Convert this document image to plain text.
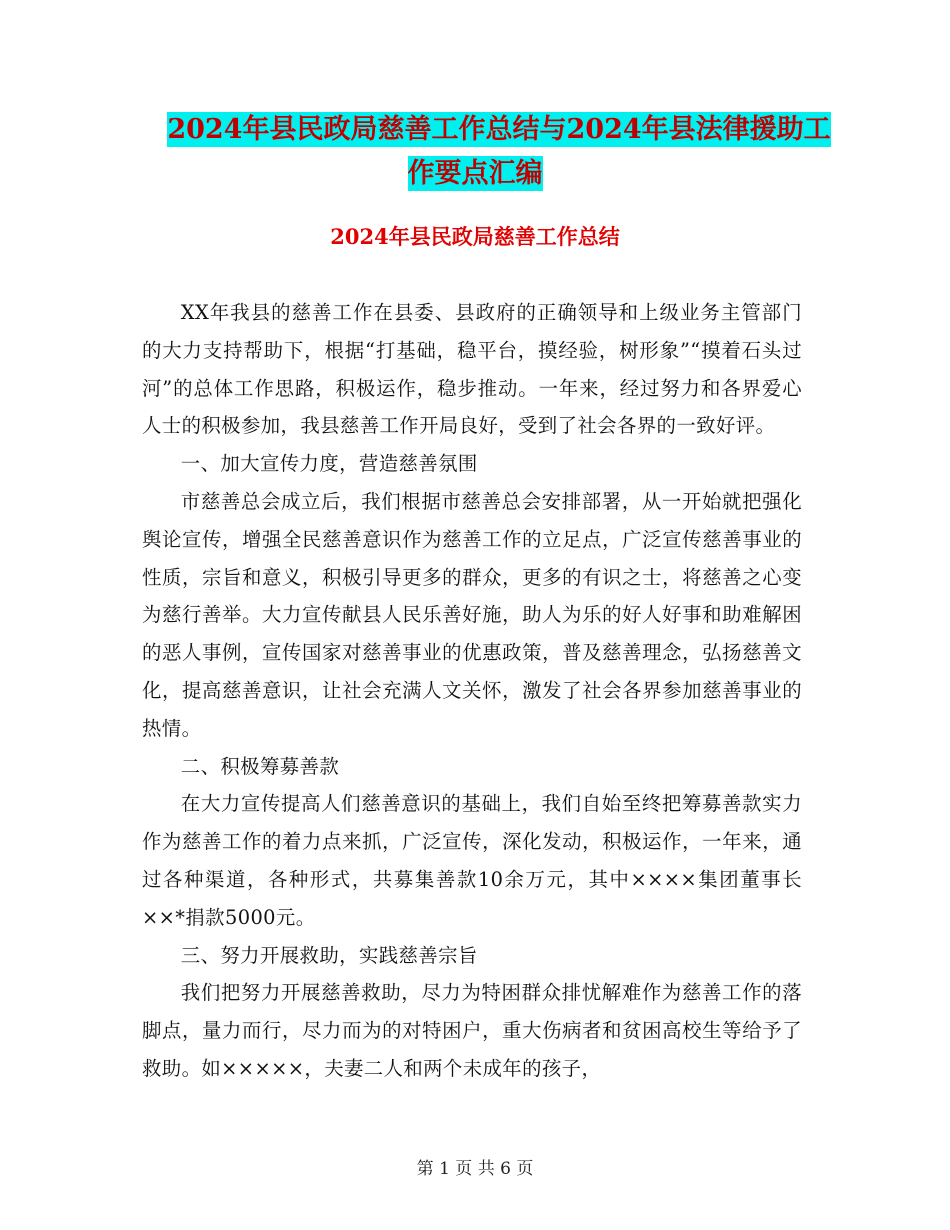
2024年县民政局慈善工作总结与2024年县法律援助工
作要点汇编
2024年县民政局慈善工作总结

XX年我县的慈善工作在县委、县政府的正确领导和上级业务主管部门的大力支持帮助下，根据“打基础，稳平台，摸经验，树形象”“摸着石头过河”的总体工作思路，积极运作，稳步推动。一年来，经过努力和各界爱心人士的积极参加，我县慈善工作开局良好，受到了社会各界的一致好评。

一、加大宣传力度，营造慈善氛围

市慈善总会成立后，我们根据市慈善总会安排部署，从一开始就把强化舆论宣传，增强全民慈善意识作为慈善工作的立足点，广泛宣传慈善事业的性质，宗旨和意义，积极引导更多的群众，更多的有识之士，将慈善之心变为慈行善举。大力宣传献县人民乐善好施，助人为乐的好人好事和助难解困的恶人事例，宣传国家对慈善事业的优惠政策，普及慈善理念，弘扬慈善文化，提高慈善意识，让社会充满人文关怀，激发了社会各界参加慈善事业的热情。

二、积极筹募善款

在大力宣传提高人们慈善意识的基础上，我们自始至终把筹募善款实力作为慈善工作的着力点来抓，广泛宣传，深化发动，积极运作，一年来，通过各种渠道，各种形式，共募集善款10余万元，其中××××集团董事长××*捐款5000元。

三、努力开展救助，实践慈善宗旨

我们把努力开展慈善救助，尽力为特困群众排忧解难作为慈善工作的落脚点，量力而行，尽力而为的对特困户，重大伤病者和贫困高校生等给予了救助。如×××××，夫妻二人和两个未成年的孩子，

第 1 页 共 6 页
